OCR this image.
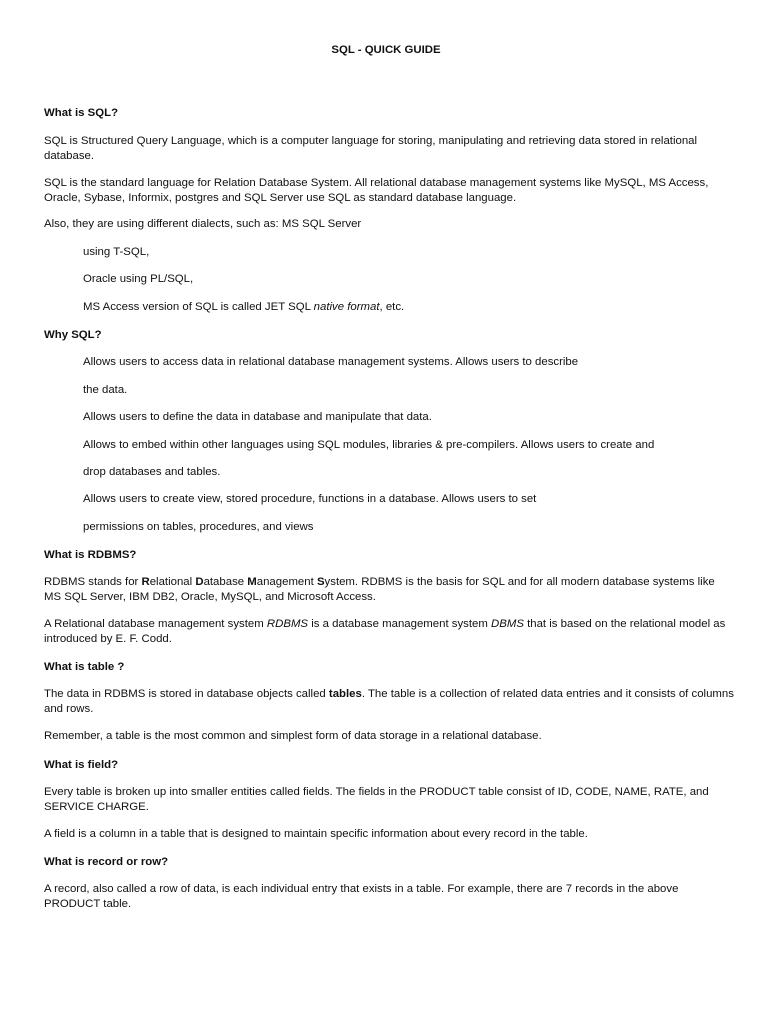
SQL - QUICK GUIDE

What is SQL?

SQL is Structured Query Language, which is a computer language for storing, manipulating and retrieving data stored in relational database.

SQL is the standard language for Relation Database System. All relational database management systems like MySQL, MS Access, Oracle, Sybase, Informix, postgres and SQL Server use SQL as standard database language.

Also, they are using different dialects, such as: MS SQL Server

using T-SQL,

Oracle using PL/SQL,

MS Access version of SQL is called JET SQL native format, etc.

Why SQL?

Allows users to access data in relational database management systems. Allows users to describe

the data.

Allows users to define the data in database and manipulate that data.

Allows to embed within other languages using SQL modules, libraries & pre-compilers. Allows users to create and

drop databases and tables.

Allows users to create view, stored procedure, functions in a database. Allows users to set

permissions on tables, procedures, and views

What is RDBMS?

RDBMS stands for Relational Database Management System. RDBMS is the basis for SQL and for all modern database systems like MS SQL Server, IBM DB2, Oracle, MySQL, and Microsoft Access.

A Relational database management system RDBMS is a database management system DBMS that is based on the relational model as introduced by E. F. Codd.

What is table ?

The data in RDBMS is stored in database objects called tables. The table is a collection of related data entries and it consists of columns and rows.

Remember, a table is the most common and simplest form of data storage in a relational database.

What is field?

Every table is broken up into smaller entities called fields. The fields in the PRODUCT table consist of ID, CODE, NAME, RATE, and SERVICE CHARGE.

A field is a column in a table that is designed to maintain specific information about every record in the table.

What is record or row?

A record, also called a row of data, is each individual entry that exists in a table. For example, there are 7 records in the above PRODUCT table.
